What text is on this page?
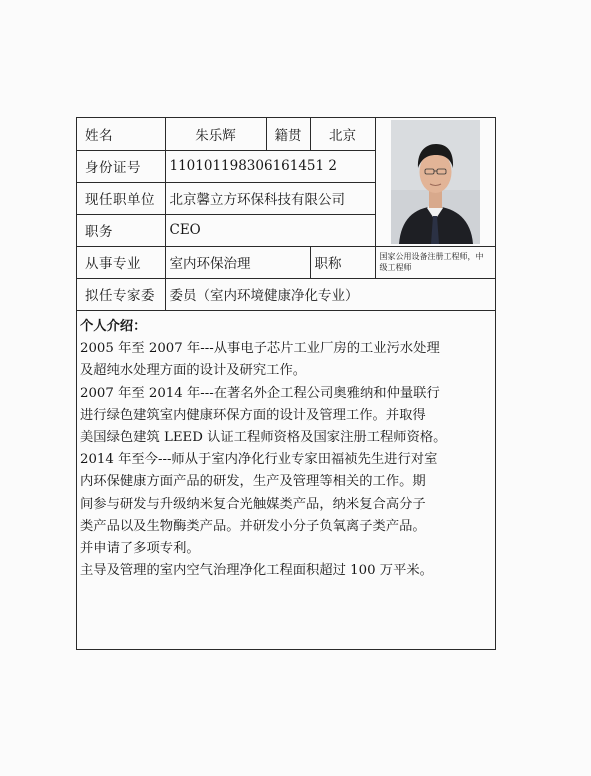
姓名	朱乐辉	籍贯	北京	

身份证号	110101198306161451 2			
现任职单位	北京馨立方环保科技有限公司			
职务	CEO			
从事专业	室内环保治理		职称	国家公用设备注册工程师，中级工程师
拟任专家委	委员（室内环境健康净化专业）			
个人介绍：

2005 年至 2007 年---从事电子芯片工业厂房的工业污水处理

及超纯水处理方面的设计及研究工作。

2007 年至 2014 年---在著名外企工程公司奥雅纳和仲量联行

进行绿色建筑室内健康环保方面的设计及管理工作。并取得

美国绿色建筑 LEED 认证工程师资格及国家注册工程师资格。

2014 年至今---师从于室内净化行业专家田福祯先生进行对室

内环保健康方面产品的研发，生产及管理等相关的工作。期

间参与研发与升级纳米复合光触媒类产品，纳米复合高分子

类产品以及生物酶类产品。并研发小分子负氧离子类产品。

并申请了多项专利。

主导及管理的室内空气治理净化工程面积超过 100 万平米。
